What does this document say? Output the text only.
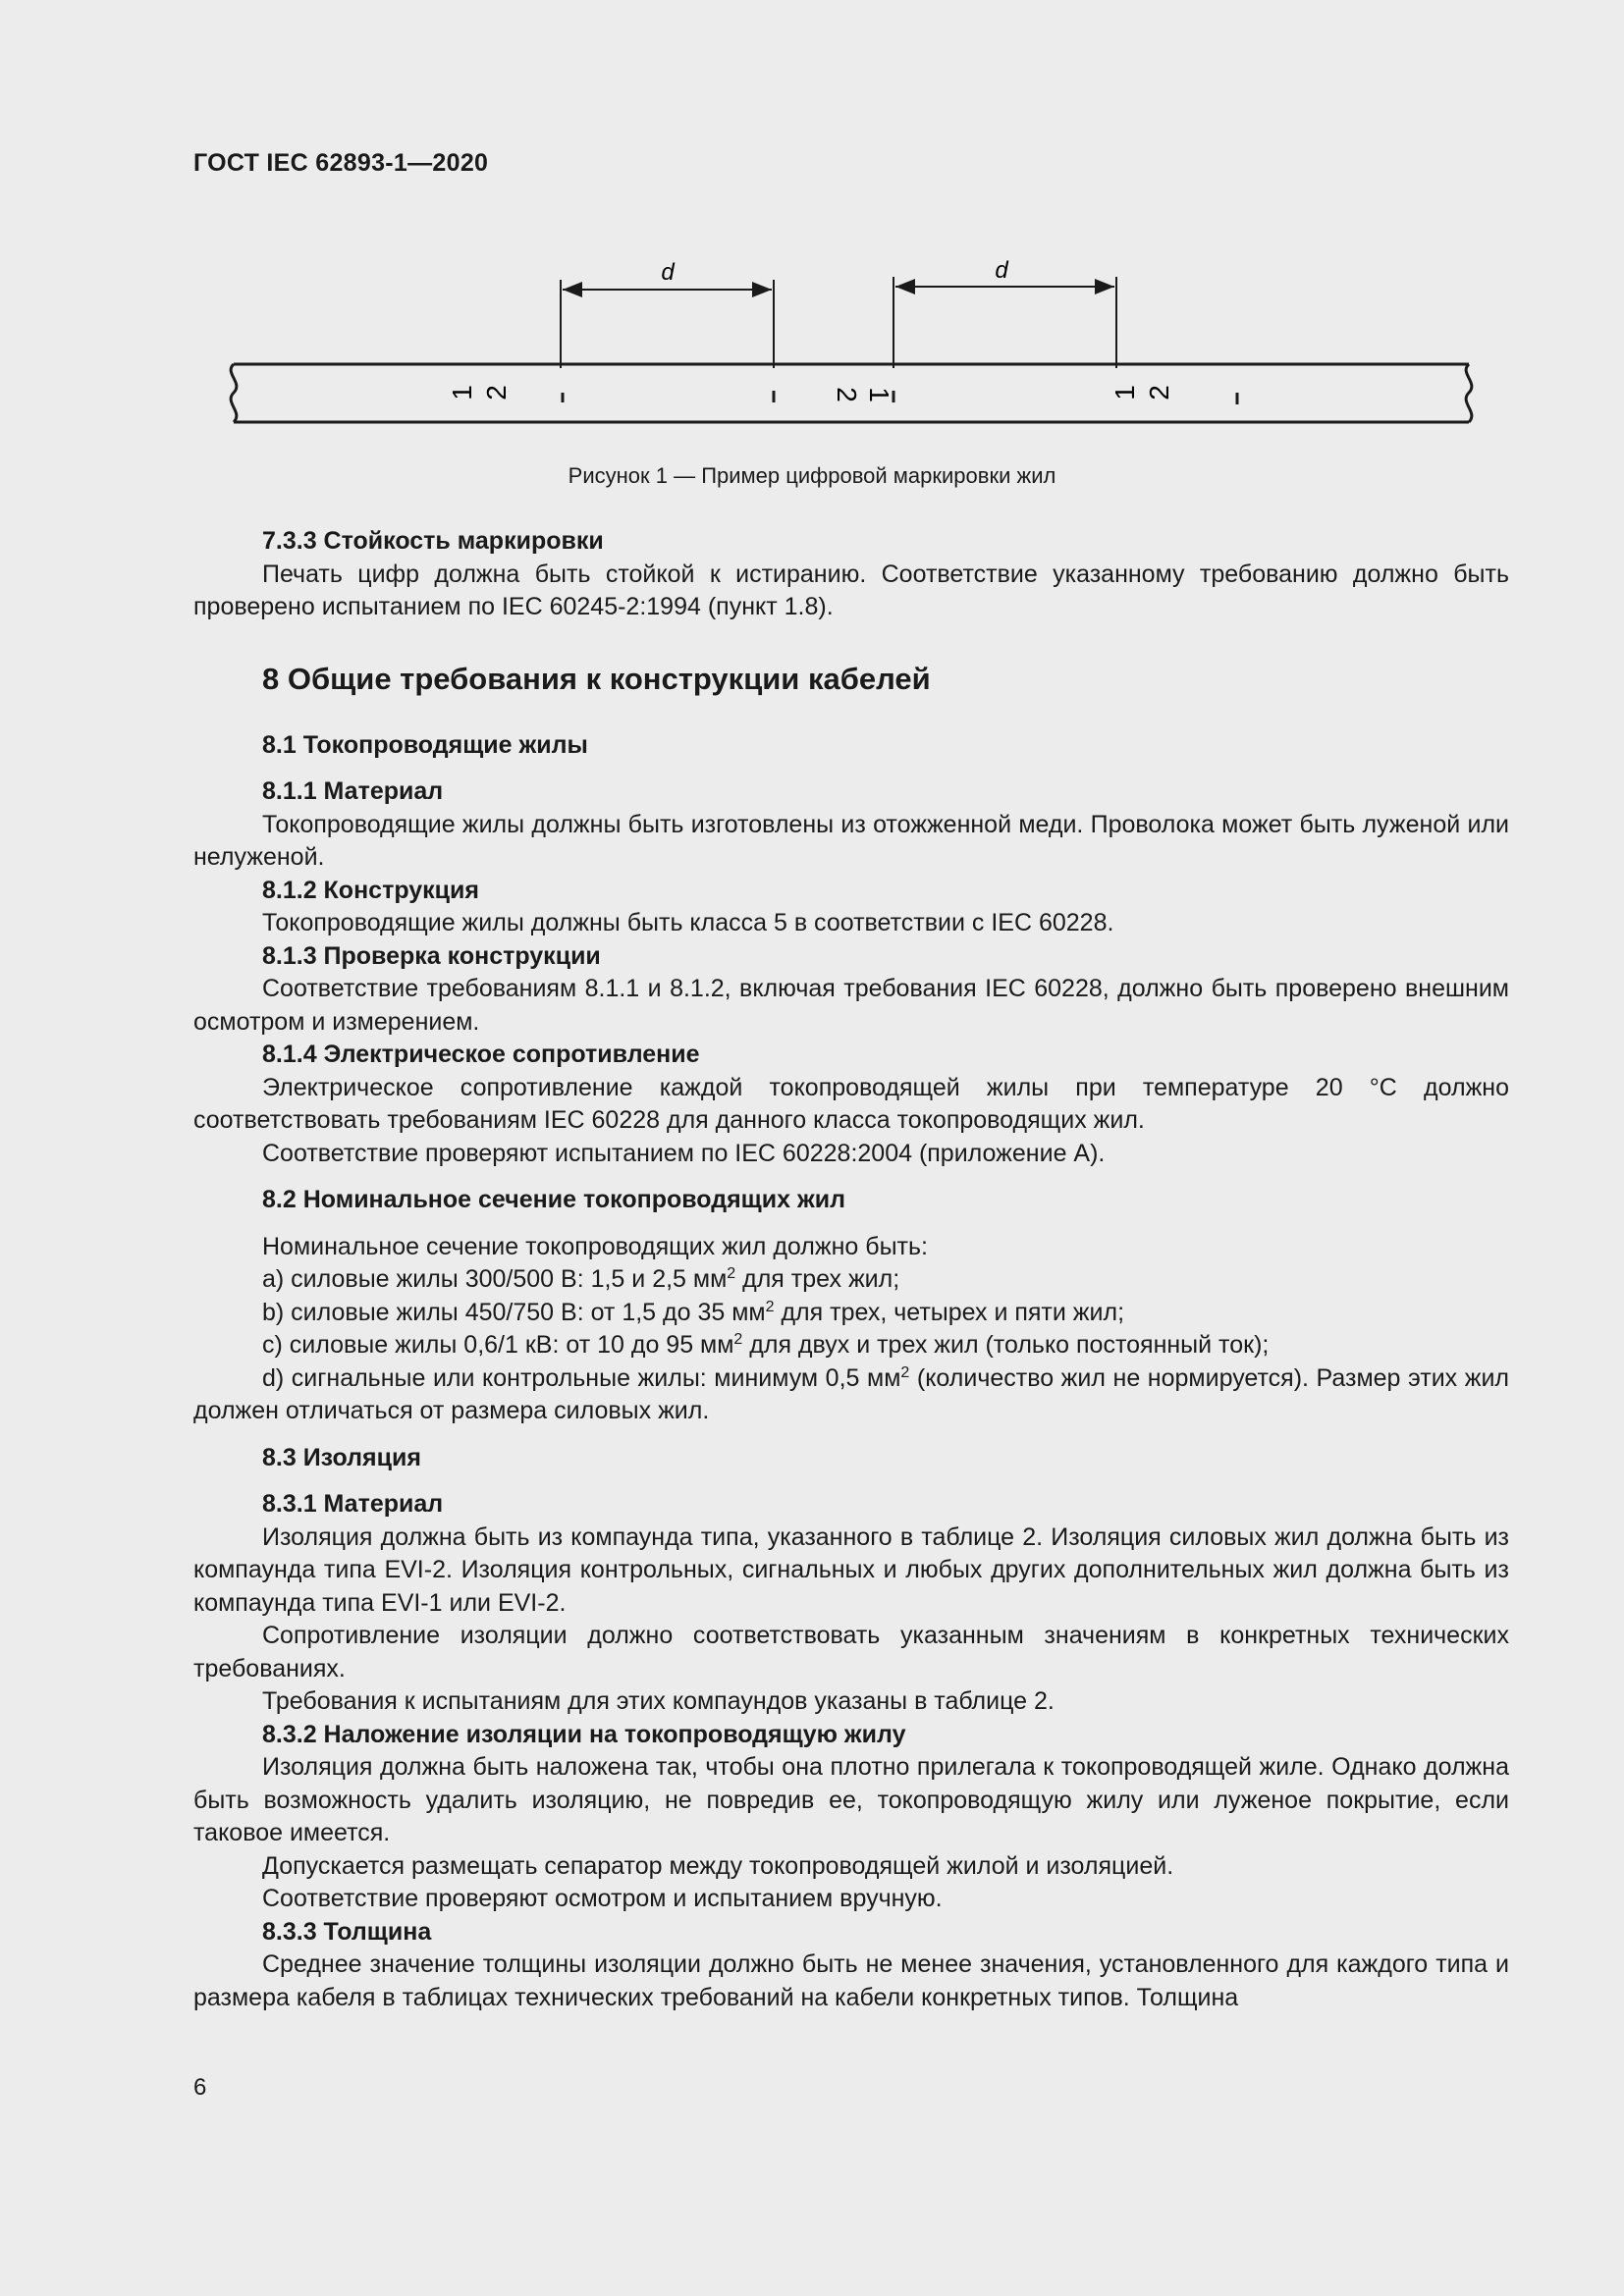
ГОСТ IEC 62893-1—2020
d	d
1 2	2 1	1 2
Рисунок 1 — Пример цифровой маркировки жил
7.3.3 Стойкость маркировки

Печать цифр должна быть стойкой к истиранию. Соответствие указанному требованию должно быть проверено испытанием по IEC 60245-2:1994 (пункт 1.8).

8 Общие требования к конструкции кабелей
8.1 Токопроводящие жилы
8.1.1 Материал

Токопроводящие жилы должны быть изготовлены из отожженной меди. Проволока может быть луженой или нелуженой.

8.1.2 Конструкция

Токопроводящие жилы должны быть класса 5 в соответствии с IEC 60228.

8.1.3 Проверка конструкции

Соответствие требованиям 8.1.1 и 8.1.2, включая требования IEC 60228, должно быть проверено внешним осмотром и измерением.

8.1.4 Электрическое сопротивление

Электрическое сопротивление каждой токопроводящей жилы при температуре 20 °С должно соответствовать требованиям IEC 60228 для данного класса токопроводящих жил.

Соответствие проверяют испытанием по IEC 60228:2004 (приложение А).

8.2 Номинальное сечение токопроводящих жил

Номинальное сечение токопроводящих жил должно быть:

а) силовые жилы 300/500 В: 1,5 и 2,5 $мм^2$ для трех жил;

b) силовые жилы 450/750 В: от 1,5 до 35 $мм^2$ для трех, четырех и пяти жил;

с) силовые жилы 0,6/1 кВ: от 10 до 95 $мм^2$ для двух и трех жил (только постоянный ток);

d) сигнальные или контрольные жилы: минимум 0,5 $мм^2$ (количество жил не нормируется). Размер этих жил должен отличаться от размера силовых жил.

8.3 Изоляция
8.3.1 Материал

Изоляция должна быть из компаунда типа, указанного в таблице 2. Изоляция силовых жил должна быть из компаунда типа EVI-2. Изоляция контрольных, сигнальных и любых других дополнительных жил должна быть из компаунда типа EVI-1 или EVI-2.

Сопротивление изоляции должно соответствовать указанным значениям в конкретных технических требованиях.

Требования к испытаниям для этих компаундов указаны в таблице 2.

8.3.2 Наложение изоляции на токопроводящую жилу

Изоляция должна быть наложена так, чтобы она плотно прилегала к токопроводящей жиле. Однако должна быть возможность удалить изоляцию, не повредив ее, токопроводящую жилу или луженое покрытие, если таковое имеется.

Допускается размещать сепаратор между токопроводящей жилой и изоляцией.

Соответствие проверяют осмотром и испытанием вручную.

8.3.3 Толщина

Среднее значение толщины изоляции должно быть не менее значения, установленного для каждого типа и размера кабеля в таблицах технических требований на кабели конкретных типов. Толщина

6
